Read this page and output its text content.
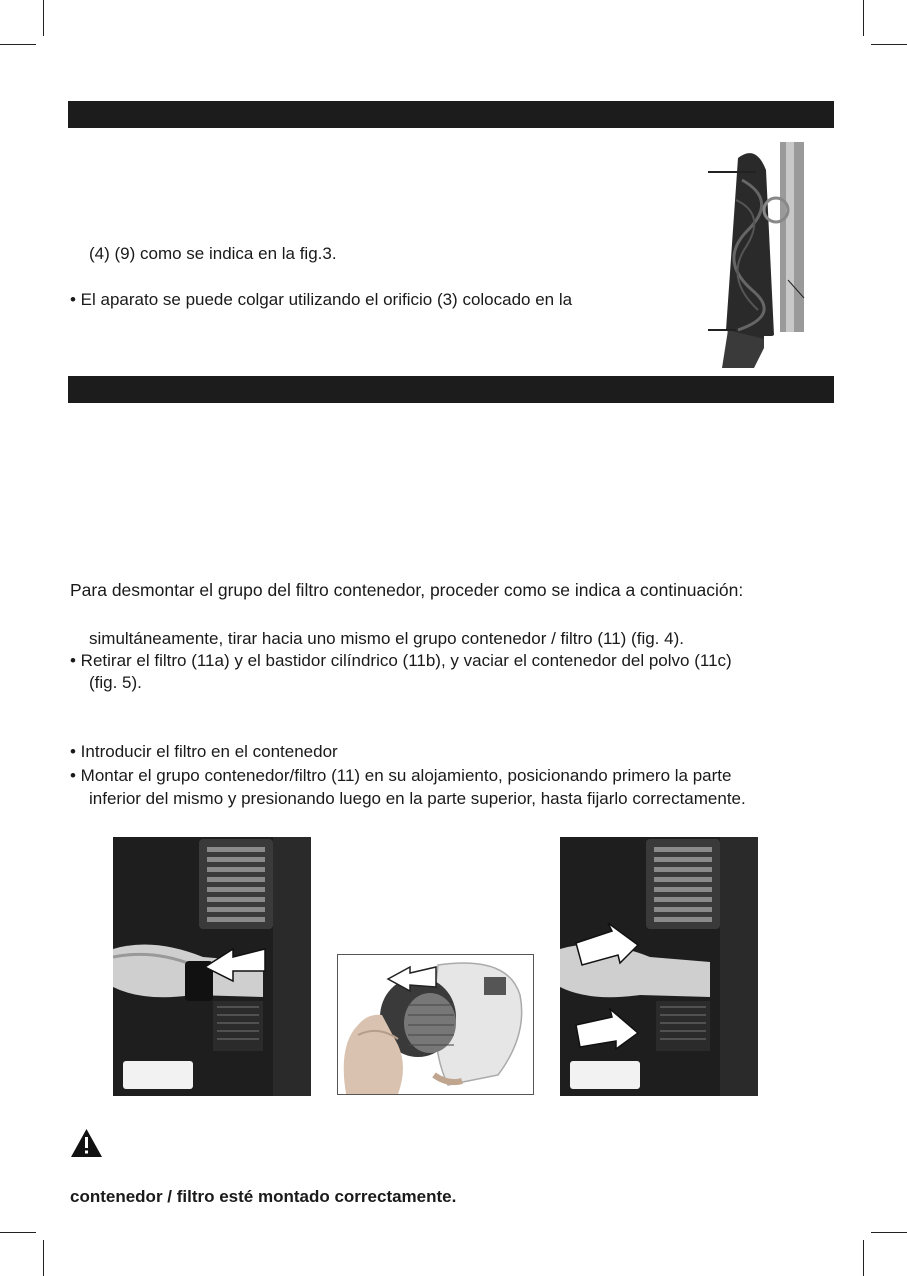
(4) (9) como se indica en la fig.3.
• El aparato se puede colgar utilizando el orificio (3) colocado en la
Para desmontar el grupo del filtro contenedor, proceder como se indica a continuación:
simultáneamente, tirar hacia uno mismo el grupo contenedor / filtro (11) (fig. 4).
• Retirar el filtro (11a) y el bastidor cilíndrico (11b), y vaciar el contenedor del polvo (11c)
(fig. 5).
• Introducir el filtro en el contenedor
• Montar el grupo contenedor/filtro (11) en su alojamiento, posicionando primero la parte
inferior del mismo y presionando luego en la parte superior, hasta fijarlo correctamente.
contenedor / filtro esté montado correctamente.
